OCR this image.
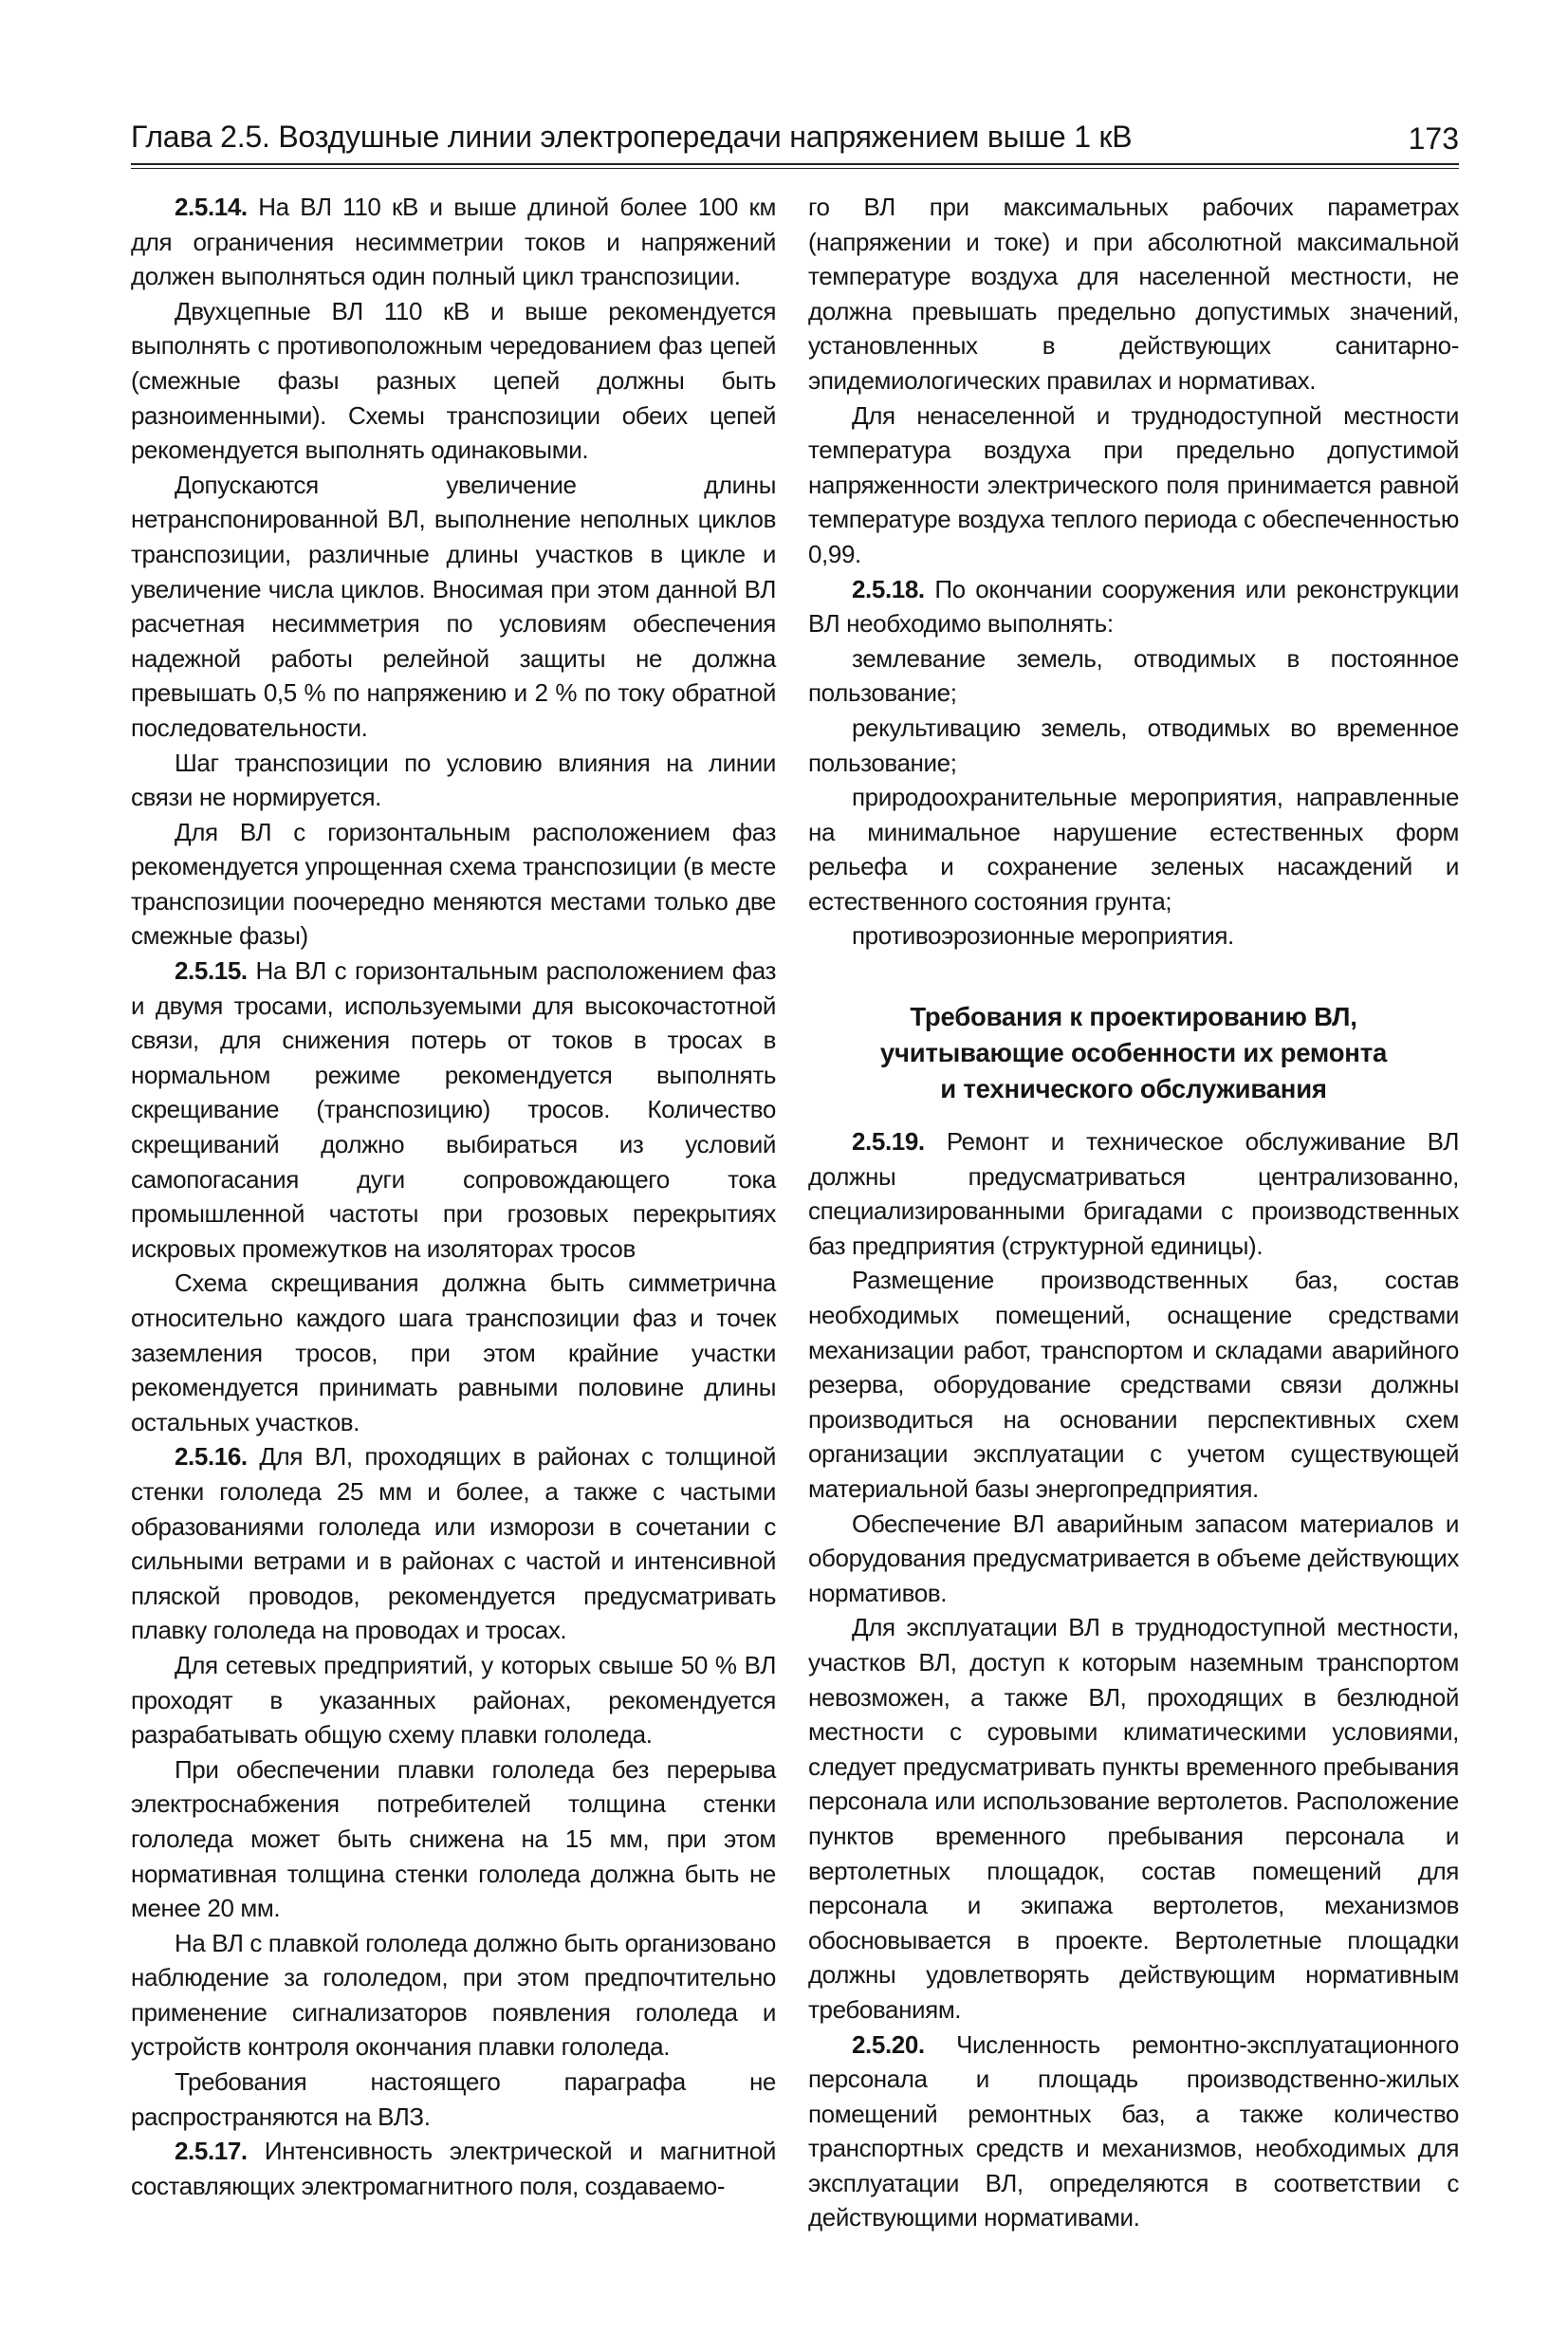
Глава 2.5. Воздушные линии электропередачи напряжением выше 1 кВ	173

2.5.14. На ВЛ 110 кВ и выше длиной более 100 км для ограничения несимметрии токов и напряжений должен выполняться один полный цикл транспозиции.

Двухцепные ВЛ 110 кВ и выше рекомендуется выполнять с противоположным чередованием фаз цепей (смежные фазы разных цепей должны быть разноименными). Схемы транспозиции обеих цепей рекомендуется выполнять одинаковыми.

Допускаются увеличение длины нетранспонированной ВЛ, выполнение неполных циклов транспозиции, различные длины участков в цикле и увеличение числа циклов. Вносимая при этом данной ВЛ расчетная несимметрия по условиям обеспечения надежной работы релейной защиты не должна превышать 0,5 % по напряжению и 2 % по току обратной последовательности.

Шаг транспозиции по условию влияния на линии связи не нормируется.

Для ВЛ с горизонтальным расположением фаз рекомендуется упрощенная схема транспозиции (в месте транспозиции поочередно меняются местами только две смежные фазы)

2.5.15. На ВЛ с горизонтальным расположением фаз и двумя тросами, используемыми для высокочастотной связи, для снижения потерь от токов в тросах в нормальном режиме рекомендуется выполнять скрещивание (транспозицию) тросов. Количество скрещиваний должно выбираться из условий самопогасания дуги сопровождающего тока промышленной частоты при грозовых перекрытиях искровых промежутков на изоляторах тросов

Схема скрещивания должна быть симметрична относительно каждого шага транспозиции фаз и точек заземления тросов, при этом крайние участки рекомендуется принимать равными половине длины остальных участков.

2.5.16. Для ВЛ, проходящих в районах с толщиной стенки гололеда 25 мм и более, а также с частыми образованиями гололеда или изморози в сочетании с сильными ветрами и в районах с частой и интенсивной пляской проводов, рекомендуется предусматривать плавку гололеда на проводах и тросах.

Для сетевых предприятий, у которых свыше 50 % ВЛ проходят в указанных районах, рекомендуется разрабатывать общую схему плавки гололеда.

При обеспечении плавки гололеда без перерыва электроснабжения потребителей толщина стенки гололеда может быть снижена на 15 мм, при этом нормативная толщина стенки гололеда должна быть не менее 20 мм.

На ВЛ с плавкой гололеда должно быть организовано наблюдение за гололедом, при этом предпочтительно применение сигнализаторов появления гололеда и устройств контроля окончания плавки гололеда.

Требования настоящего параграфа не распространяются на ВЛЗ.

2.5.17. Интенсивность электрической и магнитной составляющих электромагнитного поля, создаваемо-

го ВЛ при максимальных рабочих параметрах (напряжении и токе) и при абсолютной максимальной температуре воздуха для населенной местности, не должна превышать предельно допустимых значений, установленных в действующих санитарно-эпидемиологических правилах и нормативах.

Для ненаселенной и труднодоступной местности температура воздуха при предельно допустимой напряженности электрического поля принимается равной температуре воздуха теплого периода с обеспеченностью 0,99.

2.5.18. По окончании сооружения или реконструкции ВЛ необходимо выполнять:

землевание земель, отводимых в постоянное пользование;

рекультивацию земель, отводимых во временное пользование;

природоохранительные мероприятия, направленные на минимальное нарушение естественных форм рельефа и сохранение зеленых насаждений и естественного состояния грунта;

противоэрозионные мероприятия.

Требования к проектированию ВЛ,
учитывающие особенности их ремонта
и технического обслуживания

2.5.19. Ремонт и техническое обслуживание ВЛ должны предусматриваться централизованно, специализированными бригадами с производственных баз предприятия (структурной единицы).

Размещение производственных баз, состав необходимых помещений, оснащение средствами механизации работ, транспортом и складами аварийного резерва, оборудование средствами связи должны производиться на основании перспективных схем организации эксплуатации с учетом существующей материальной базы энергопредприятия.

Обеспечение ВЛ аварийным запасом материалов и оборудования предусматривается в объеме действующих нормативов.

Для эксплуатации ВЛ в труднодоступной местности, участков ВЛ, доступ к которым наземным транспортом невозможен, а также ВЛ, проходящих в безлюдной местности с суровыми климатическими условиями, следует предусматривать пункты временного пребывания персонала или использование вертолетов. Расположение пунктов временного пребывания персонала и вертолетных площадок, состав помещений для персонала и экипажа вертолетов, механизмов обосновывается в проекте. Вертолетные площадки должны удовлетворять действующим нормативным требованиям.

2.5.20. Численность ремонтно-эксплуатационного персонала и площадь производственно-жилых помещений ремонтных баз, а также количество транспортных средств и механизмов, необходимых для эксплуатации ВЛ, определяются в соответствии с действующими нормативами.
